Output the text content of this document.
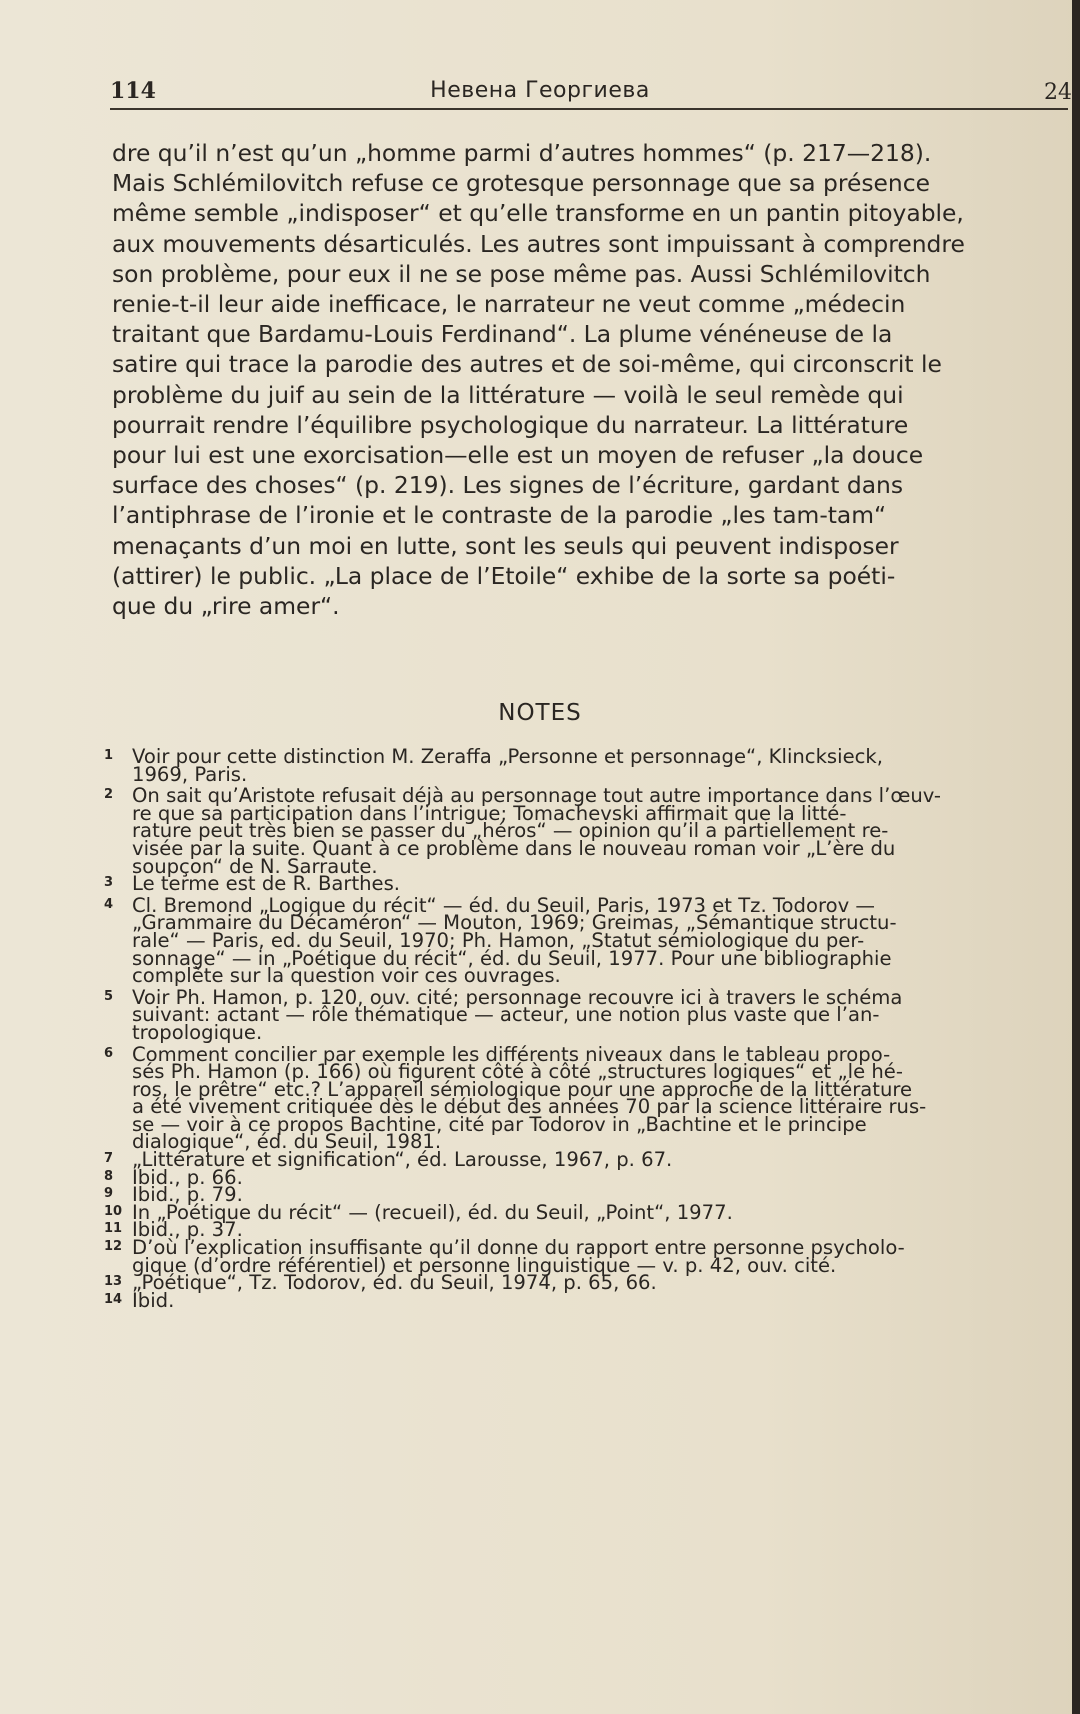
114	Невена Георгиева	24
dre qu’il n’est qu’un „homme parmi d’autres hommes“ (p. 217—218).
Mais Schlémilovitch refuse ce grotesque personnage que sa présence
même semble „indisposer“ et qu’elle transforme en un pantin pitoyable,
aux mouvements désarticulés. Les autres sont impuissant à comprendre
son problème, pour eux il ne se pose même pas. Aussi Schlémilovitch
renie-t-il leur aide inefficace, le narrateur ne veut comme „médecin
traitant que Bardamu-Louis Ferdinand“. La plume vénéneuse de la
satire qui trace la parodie des autres et de soi-même, qui circonscrit le
problème du juif au sein de la littérature — voilà le seul remède qui
pourrait rendre l’équilibre psychologique du narrateur. La littérature
pour lui est une exorcisation—elle est un moyen de refuser „la douce
surface des choses“ (p. 219). Les signes de l’écriture, gardant dans
l’antiphrase de l’ironie et le contraste de la parodie „les tam-tam“
menaçants d’un moi en lutte, sont les seuls qui peuvent indisposer
(attirer) le public. „La place de l’Etoile“ exhibe de la sorte sa poéti-
que du „rire amer“.
NOTES
1 Voir pour cette distinction M. Zeraffa „Personne et personnage“, Klincksieck,
1969, Paris.
2 On sait qu’Aristote refusait déjà au personnage tout autre importance dans l’œuv-
re que sa participation dans l’intrigue; Tomachevski affirmait que la litté-
rature peut très bien se passer du „héros“ — opinion qu’il a partiellement re-
visée par la suite. Quant à ce problème dans le nouveau roman voir „L’ère du
soupçon“ de N. Sarraute.
3 Le terme est de R. Barthes.
4 Cl. Bremond „Logique du récit“ — éd. du Seuil, Paris, 1973 et Tz. Todorov —
„Grammaire du Décaméron“ — Mouton, 1969; Greimas, „Sémantique structu-
rale“ — Paris, ed. du Seuil, 1970; Ph. Hamon, „Statut sémiologique du per-
sonnage“ — in „Poétique du récit“, éd. du Seuil, 1977. Pour une bibliographie
complète sur la question voir ces ouvrages.
5 Voir Ph. Hamon, p. 120, ouv. cité; personnage recouvre ici à travers le schéma
suivant: actant — rôle thématique — acteur, une notion plus vaste que l’an-
tropologique.
6 Comment concilier par exemple les différents niveaux dans le tableau propo-
sés Ph. Hamon (p. 166) où figurent côté à côté „structures logiques“ et „le hé-
ros, le prêtre“ etc.? L’appareil sémiologique pour une approche de la littérature
a été vivement critiquée dès le début des années 70 par la science littéraire rus-
se — voir à ce propos Bachtine, cité par Todorov in „Bachtine et le principe
dialogique“, éd. du Seuil, 1981.
7 „Littérature et signification“, éd. Larousse, 1967, p. 67.
8 Ibid., p. 66.
9 Ibid., p. 79.
10 In „Poétique du récit“ — (recueil), éd. du Seuil, „Point“, 1977.
11 Ibid., p. 37.
12 D’où l’explication insuffisante qu’il donne du rapport entre personne psycholo-
gique (d’ordre référentiel) et personne linguistique — v. p. 42, ouv. cité.
13 „Poétique“, Tz. Todorov, éd. du Seuil, 1974, p. 65, 66.
14 Ibid.
